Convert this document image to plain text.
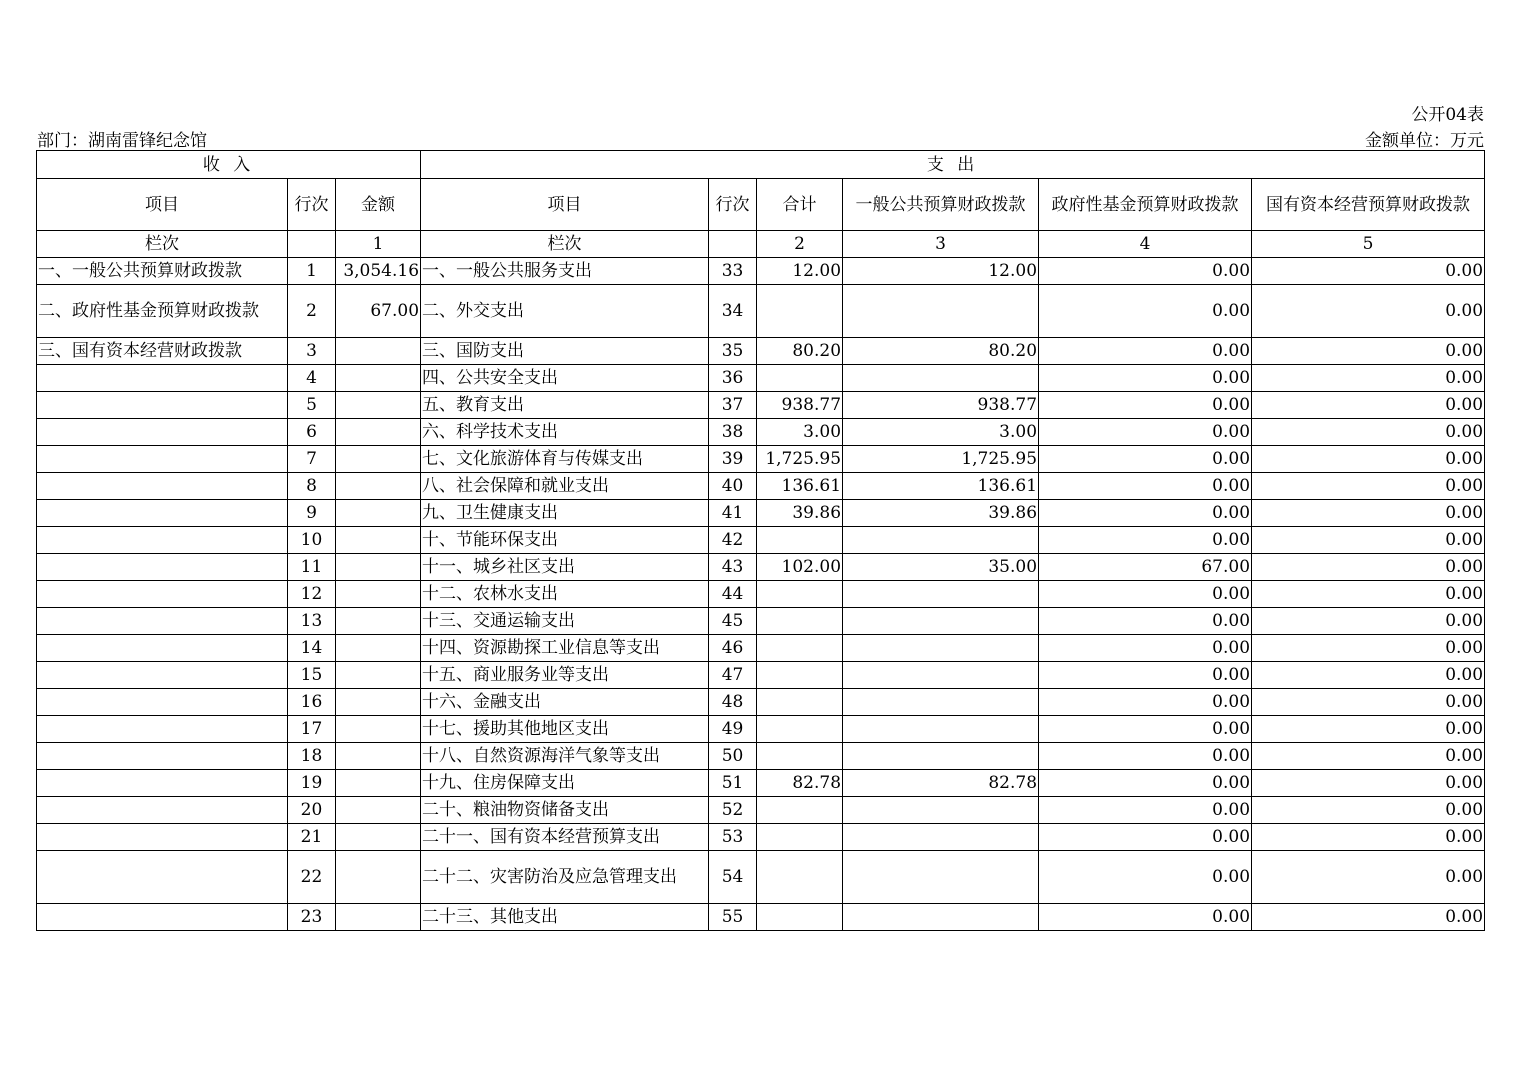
公开04表
部门：湖南雷锋纪念馆	金额单位：万元
收 入			支 出					
项目	行次	金额	项目	行次	合计	一般公共预算财政拨款	政府性基金预算财政拨款	国有资本经营预算财政拨款
栏次		1	栏次		2	3	4	5
一、一般公共预算财政拨款	1	3,054.16	一、一般公共服务支出	33	12.00	12.00	0.00	0.00
二、政府性基金预算财政拨款	2	67.00	二、外交支出	34			0.00	0.00
三、国有资本经营财政拨款	3		三、国防支出	35	80.20	80.20	0.00	0.00
	4		四、公共安全支出	36			0.00	0.00
	5		五、教育支出	37	938.77	938.77	0.00	0.00
	6		六、科学技术支出	38	3.00	3.00	0.00	0.00
	7		七、文化旅游体育与传媒支出	39	1,725.95	1,725.95	0.00	0.00
	8		八、社会保障和就业支出	40	136.61	136.61	0.00	0.00
	9		九、卫生健康支出	41	39.86	39.86	0.00	0.00
	10		十、节能环保支出	42			0.00	0.00
	11		十一、城乡社区支出	43	102.00	35.00	67.00	0.00
	12		十二、农林水支出	44			0.00	0.00
	13		十三、交通运输支出	45			0.00	0.00
	14		十四、资源勘探工业信息等支出	46			0.00	0.00
	15		十五、商业服务业等支出	47			0.00	0.00
	16		十六、金融支出	48			0.00	0.00
	17		十七、援助其他地区支出	49			0.00	0.00
	18		十八、自然资源海洋气象等支出	50			0.00	0.00
	19		十九、住房保障支出	51	82.78	82.78	0.00	0.00
	20		二十、粮油物资储备支出	52			0.00	0.00
	21		二十一、国有资本经营预算支出	53			0.00	0.00
	22		二十二、灾害防治及应急管理支出	54			0.00	0.00
	23		二十三、其他支出	55			0.00	0.00
